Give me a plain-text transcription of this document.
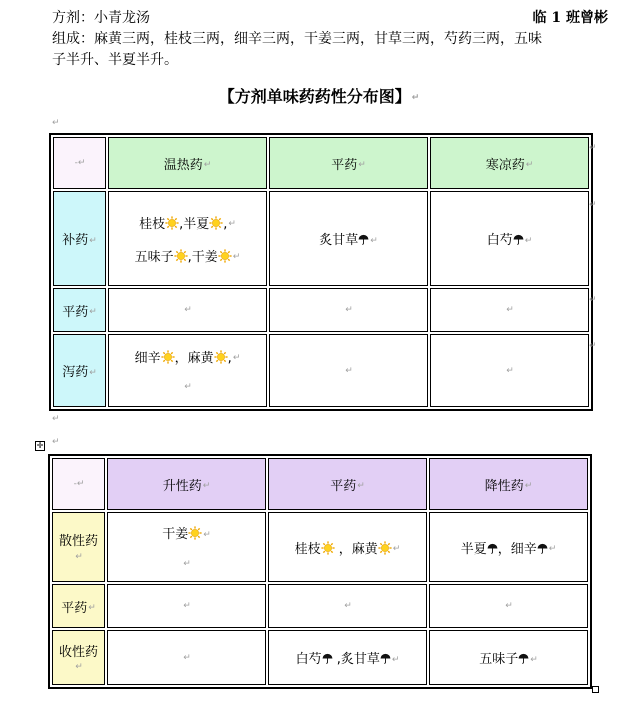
方剂：小青龙汤	临 1 班曾彬
组成：麻黄三两，桂枝三两，细辛三两，干姜三两，甘草三两，芍药三两，五味
子半升、半夏半升。
【方剂单味药药性分布图】↵
↵
-↵	温热药↵	平药↵	寒凉药↵
补药↵	桂枝 ,半夏 ,↵
五味子 ,干姜 ↵	炙甘草 ↵	白芍 ↵

平药↵	↵	↵	↵

泻药↵	细辛 ，麻黄 ,↵
↵	↵	↵
↵
↵
↵
↵
↵
✛ ↵
-↵	升性药↵	平药↵	降性药↵
散性药↵	干姜 ↵
↵	桂枝 ，麻黄 ↵	半夏 ，细辛 ↵

平药↵	↵	↵	↵

收性药↵	↵	白芍 ,炙甘草 ↵	五味子 ↵
